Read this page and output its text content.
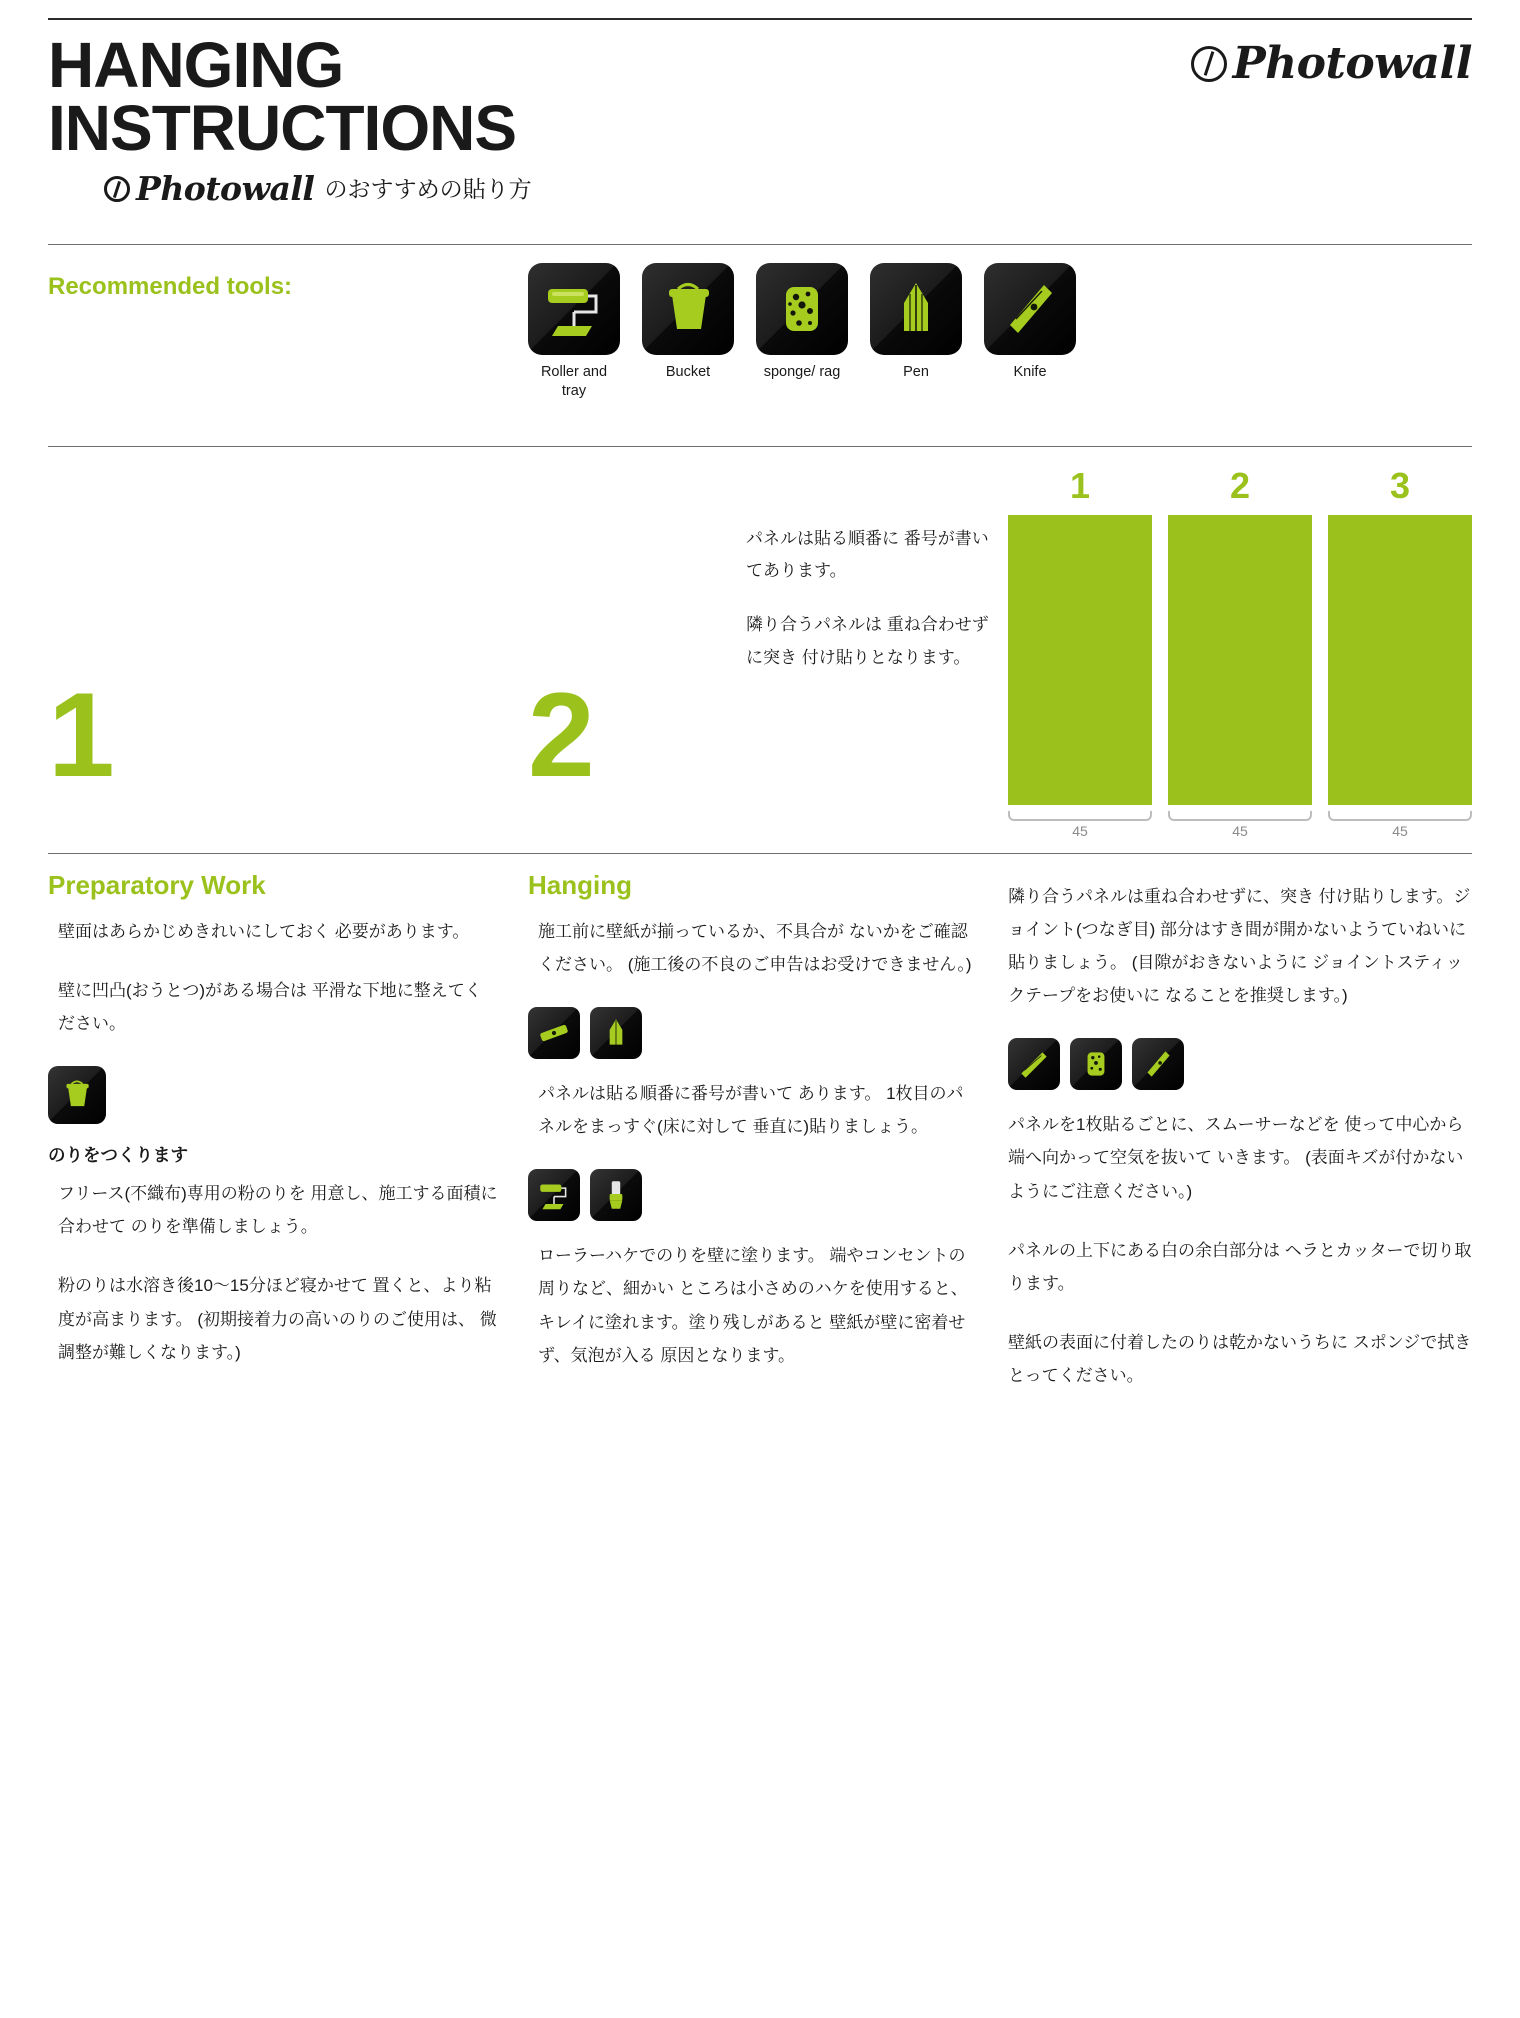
HANGING
INSTRUCTIONS
Photowall
Photowall のおすすめの貼り方
Recommended tools:
Roller and tray
Bucket	sponge/ rag	Pen	Knife
1	2

パネルは貼る順番に 番号が書いてあります。

隣り合うパネルは 重ね合わせずに突き 付け貼りとなります。

1	2	3
45	45	45
Preparatory Work

壁面はあらかじめきれいにしておく 必要があります。

壁に凹凸(おうとつ)がある場合は 平滑な下地に整えてください。

のりをつくります

フリース(不織布)専用の粉のりを 用意し、施工する面積に合わせて のりを準備しましょう。

粉のりは水溶き後10〜15分ほど寝かせて 置くと、より粘度が高まります。 (初期接着力の高いのりのご使用は、 微調整が難しくなります。)

Hanging

施工前に壁紙が揃っているか、不具合が ないかをご確認ください。 (施工後の不良のご申告はお受けできません。)

パネルは貼る順番に番号が書いて あります。 1枚目のパネルをまっすぐ(床に対して 垂直に)貼りましょう。

ローラーハケでのりを壁に塗ります。 端やコンセントの周りなど、細かい ところは小さめのハケを使用すると、 キレイに塗れます。塗り残しがあると 壁紙が壁に密着せず、気泡が入る 原因となります。

隣り合うパネルは重ね合わせずに、突き 付け貼りします。ジョイント(つなぎ目) 部分はすき間が開かないようていねいに 貼りましょう。 (目隙がおきないように ジョイントスティックテープをお使いに なることを推奨します。)

パネルを1枚貼るごとに、スムーサーなどを 使って中心から端へ向かって空気を抜いて いきます。 (表面キズが付かないようにご注意ください。)

パネルの上下にある白の余白部分は ヘラとカッターで切り取ります。

壁紙の表面に付着したのりは乾かないうちに スポンジで拭きとってください。
